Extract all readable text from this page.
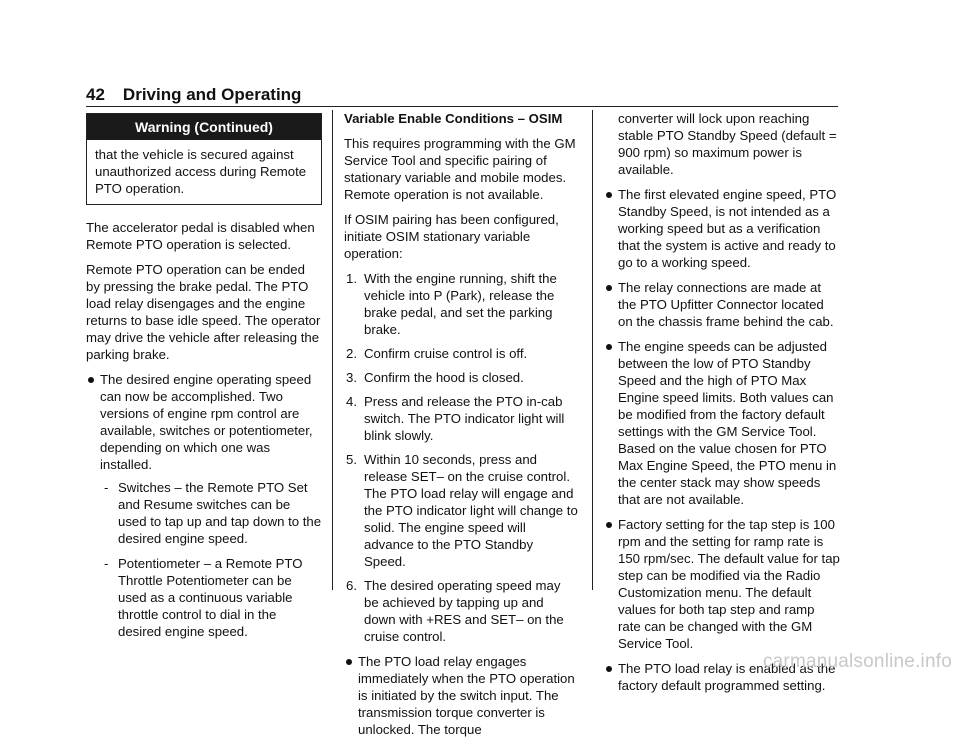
42 Driving and Operating
Warning (Continued)
that the vehicle is secured against unauthorized access during Remote PTO operation.

The accelerator pedal is disabled when Remote PTO operation is selected.

Remote PTO operation can be ended by pressing the brake pedal. The PTO load relay disengages and the engine returns to base idle speed. The operator may drive the vehicle after releasing the parking brake.

The desired engine operating speed can now be accomplished. Two versions of engine rpm control are available, switches or potentiometer, depending on which one was installed.
- Switches – the Remote PTO Set and Resume switches can be used to tap up and tap down to the desired engine speed.
- Potentiometer – a Remote PTO Throttle Potentiometer can be used as a continuous variable throttle control to dial in the desired engine speed.
Variable Enable Conditions – OSIM

This requires programming with the GM Service Tool and specific pairing of stationary variable and mobile modes. Remote operation is not available.

If OSIM pairing has been configured, initiate OSIM stationary variable operation:

1. With the engine running, shift the vehicle into P (Park), release the brake pedal, and set the parking brake.
2. Confirm cruise control is off.
3. Confirm the hood is closed.
4. Press and release the PTO in-cab switch. The PTO indicator light will blink slowly.
5. Within 10 seconds, press and release SET– on the cruise control. The PTO load relay will engage and the PTO indicator light will change to solid. The engine speed will advance to the PTO Standby Speed.
6. The desired operating speed may be achieved by tapping up and down with +RES and SET– on the cruise control.
The PTO load relay engages immediately when the PTO operation is initiated by the switch input. The transmission torque converter is unlocked. The torque

converter will lock upon reaching stable PTO Standby Speed (default = 900 rpm) so maximum power is available.

The first elevated engine speed, PTO Standby Speed, is not intended as a working speed but as a verification that the system is active and ready to go to a working speed.
The relay connections are made at the PTO Upfitter Connector located on the chassis frame behind the cab.
The engine speeds can be adjusted between the low of PTO Standby Speed and the high of PTO Max Engine speed limits. Both values can be modified from the factory default settings with the GM Service Tool. Based on the value chosen for PTO Max Engine Speed, the PTO menu in the center stack may show speeds that are not available.
Factory setting for the tap step is 100 rpm and the setting for ramp rate is 150 rpm/sec. The default value for tap step can be modified via the Radio Customization menu. The default values for both tap step and ramp rate can be changed with the GM Service Tool.
The PTO load relay is enabled as the factory default programmed setting.
carmanualsonline.info
